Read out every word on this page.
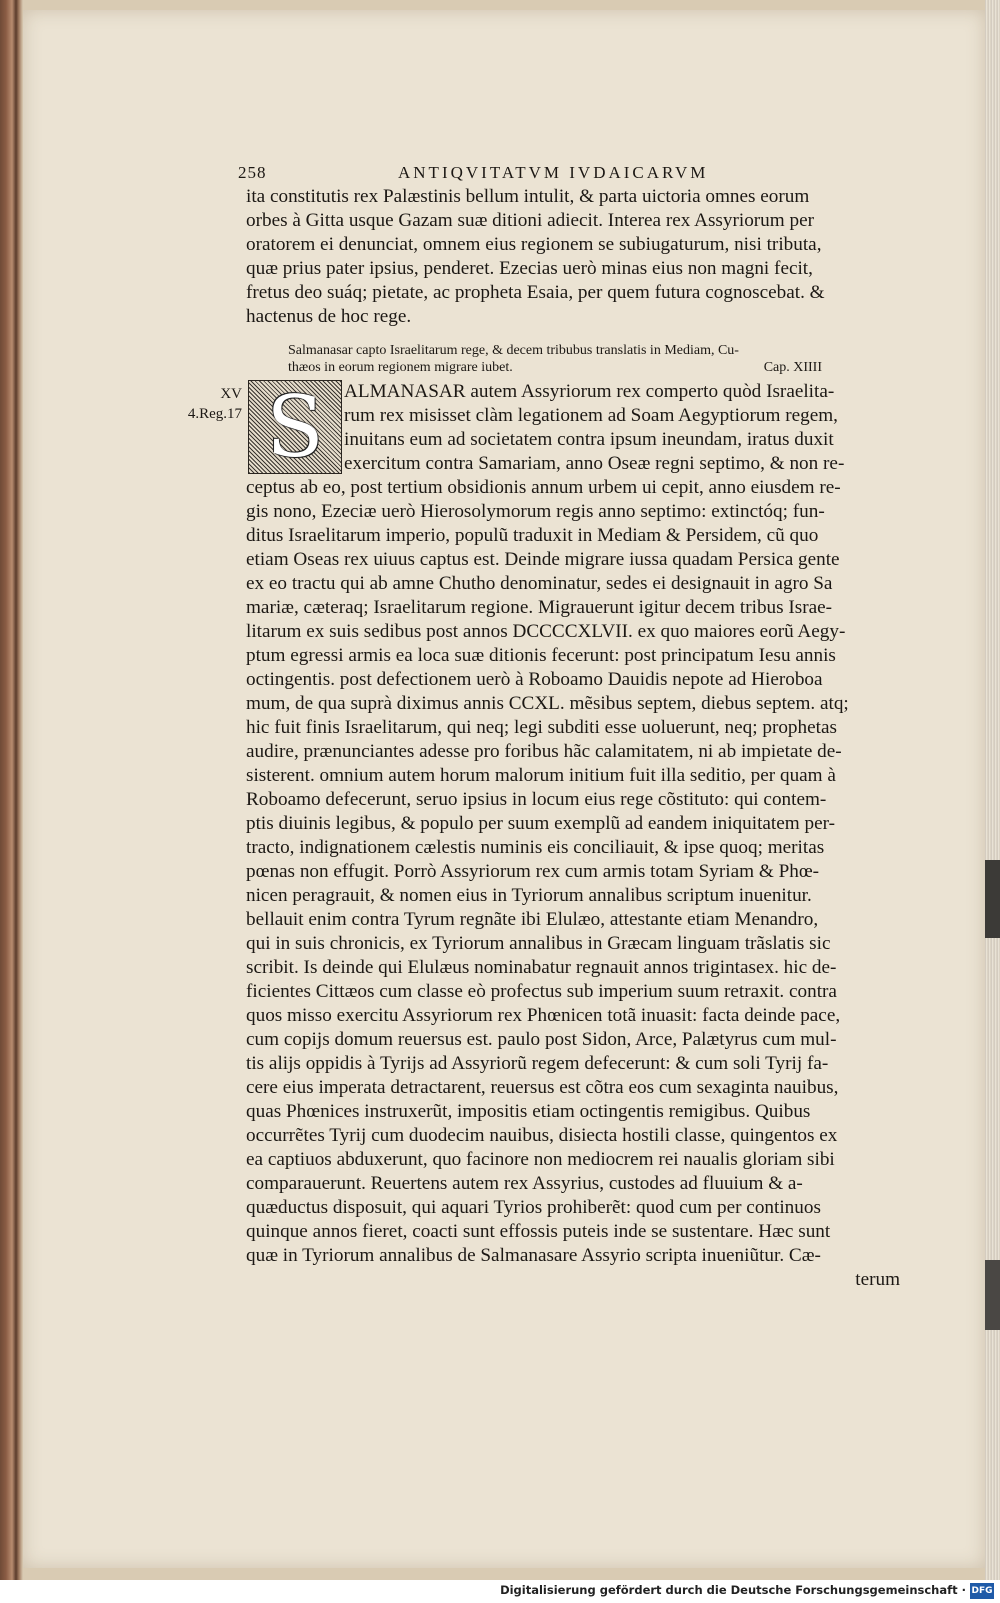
258	ANTIQVITATVM IVDAICARVM
ita constitutis rex Palæstinis bellum intulit, & parta uictoria omnes eorum
orbes à Gitta usque Gazam suæ ditioni adiecit. Interea rex Assyriorum per
oratorem ei denunciat, omnem eius regionem se subiugaturum, nisi tributa,
quæ prius pater ipsius, penderet. Ezecias uerò minas eius non magni fecit,
fretus deo suáq; pietate, ac propheta Esaia, per quem futura cognoscebat. &
hactenus de hoc rege.
Salmanasar capto Israelitarum rege, & decem tribubus translatis in Mediam, Cu-
thæos in eorum regionem migrare iubet.	Cap. XIIII
XV
4.Reg.17 S	ALMANASAR autem Assyriorum rex comperto quòd Israelita-
rum rex misisset clàm legationem ad Soam Aegyptiorum regem,
inuitans eum ad societatem contra ipsum ineundam, iratus duxit
exercitum contra Samariam, anno Oseæ regni septimo, & non re-
ceptus ab eo, post tertium obsidionis annum urbem ui cepit, anno eiusdem re-
gis nono, Ezeciæ uerò Hierosolymorum regis anno septimo: extinctóq; fun-
ditus Israelitarum imperio, populũ traduxit in Mediam & Persidem, cũ quo
etiam Oseas rex uiuus captus est. Deinde migrare iussa quadam Persica gente
ex eo tractu qui ab amne Chutho denominatur, sedes ei designauit in agro Sa
mariæ, cæteraq; Israelitarum regione. Migrauerunt igitur decem tribus Israe-
litarum ex suis sedibus post annos DCCCCXLVII. ex quo maiores eorũ Aegy-
ptum egressi armis ea loca suæ ditionis fecerunt: post principatum Iesu annis
octingentis. post defectionem uerò à Roboamo Dauidis nepote ad Hieroboa
mum, de qua suprà diximus annis CCXL. mẽsibus septem, diebus septem. atq;
hic fuit finis Israelitarum, qui neq; legi subditi esse uoluerunt, neq; prophetas
audire, prænunciantes adesse pro foribus hãc calamitatem, ni ab impietate de-
sisterent. omnium autem horum malorum initium fuit illa seditio, per quam à
Roboamo defecerunt, seruo ipsius in locum eius rege cõstituto: qui contem-
ptis diuinis legibus, & populo per suum exemplũ ad eandem iniquitatem per-
tracto, indignationem cælestis numinis eis conciliauit, & ipse quoq; meritas
pœnas non effugit. Porrò Assyriorum rex cum armis totam Syriam & Phœ-
nicen peragrauit, & nomen eius in Tyriorum annalibus scriptum inuenitur.
bellauit enim contra Tyrum regnãte ibi Elulæo, attestante etiam Menandro,
qui in suis chronicis, ex Tyriorum annalibus in Græcam linguam trãslatis sic
scribit. Is deinde qui Elulæus nominabatur regnauit annos trigintasex. hic de-
ficientes Cittæos cum classe eò profectus sub imperium suum retraxit. contra
quos misso exercitu Assyriorum rex Phœnicen totã inuasit: facta deinde pace,
cum copijs domum reuersus est. paulo post Sidon, Arce, Palætyrus cum mul-
tis alijs oppidis à Tyrijs ad Assyriorũ regem defecerunt: & cum soli Tyrij fa-
cere eius imperata detractarent, reuersus est cõtra eos cum sexaginta nauibus,
quas Phœnices instruxerũt, impositis etiam octingentis remigibus. Quibus
occurrẽtes Tyrij cum duodecim nauibus, disiecta hostili classe, quingentos ex
ea captiuos abduxerunt, quo facinore non mediocrem rei naualis gloriam sibi
comparauerunt. Reuertens autem rex Assyrius, custodes ad fluuium & a-
quæductus disposuit, qui aquari Tyrios prohiberẽt: quod cum per continuos
quinque annos fieret, coacti sunt effossis puteis inde se sustentare. Hæc sunt
quæ in Tyriorum annalibus de Salmanasare Assyrio scripta inueniũtur. Cæ-
terum
Digitalisierung gefördert durch die Deutsche Forschungsgemeinschaft · DFG
